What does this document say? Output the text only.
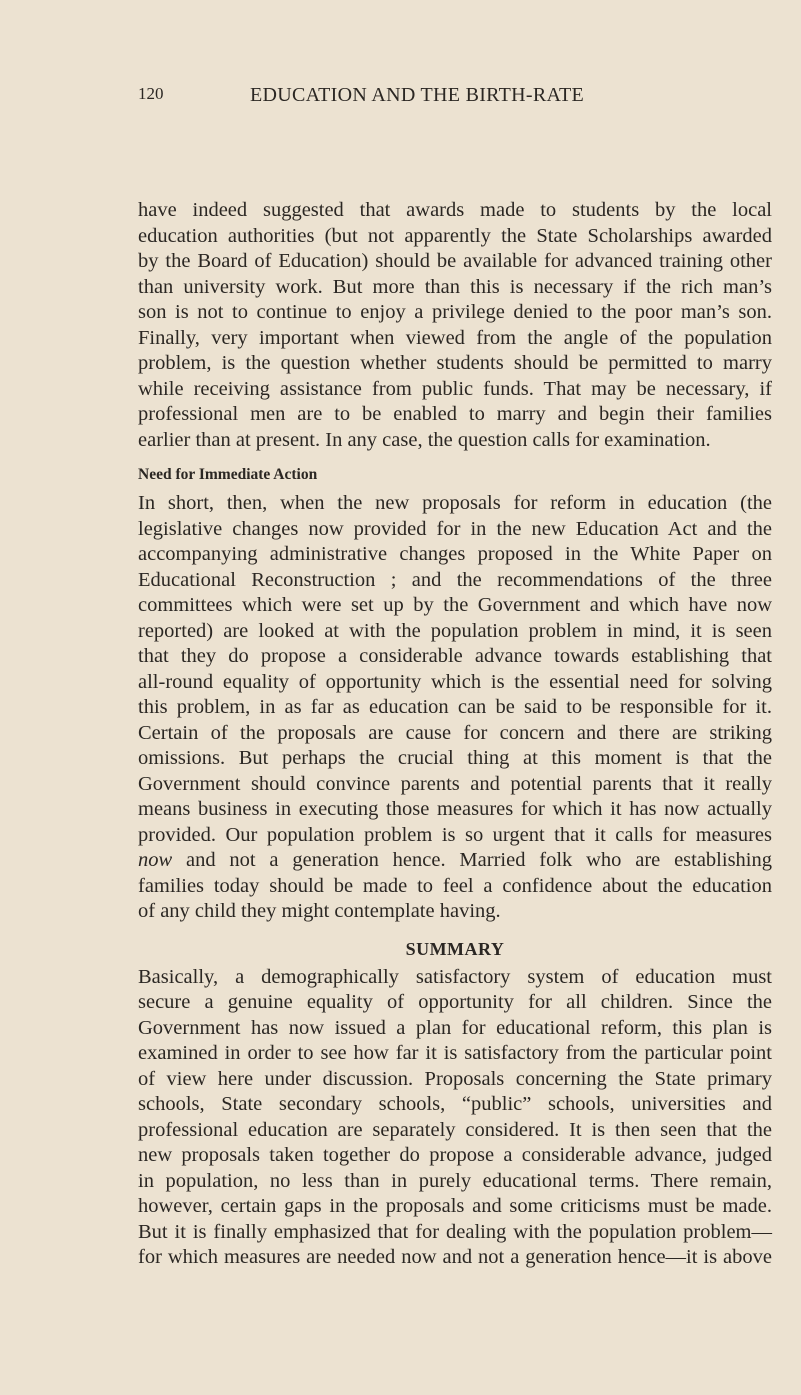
120	EDUCATION AND THE BIRTH-RATE
have indeed suggested that awards made to students by the local
education authorities (but not apparently the State Scholarships awarded
by the Board of Education) should be available for advanced training other
than university work. But more than this is necessary if the rich man’s
son is not to continue to enjoy a privilege denied to the poor man’s son.
Finally, very important when viewed from the angle of the population
problem, is the question whether students should be permitted to marry
while receiving assistance from public funds. That may be necessary, if
professional men are to be enabled to marry and begin their families
earlier than at present. In any case, the question calls for examination.
Need for Immediate Action
In short, then, when the new proposals for reform in education (the
legislative changes now provided for in the new Education Act and the
accompanying administrative changes proposed in the White Paper on
Educational Reconstruction ; and the recommendations of the three
committees which were set up by the Government and which have now
reported) are looked at with the population problem in mind, it is seen
that they do propose a considerable advance towards establishing that
all-round equality of opportunity which is the essential need for solving
this problem, in as far as education can be said to be responsible for it.
Certain of the proposals are cause for concern and there are striking
omissions. But perhaps the crucial thing at this moment is that the
Government should convince parents and potential parents that it really
means business in executing those measures for which it has now actually
provided. Our population problem is so urgent that it calls for measures
now and not a generation hence. Married folk who are establishing
families today should be made to feel a confidence about the education
of any child they might contemplate having.
SUMMARY
Basically, a demographically satisfactory system of education must
secure a genuine equality of opportunity for all children. Since the
Government has now issued a plan for educational reform, this plan is
examined in order to see how far it is satisfactory from the particular point
of view here under discussion. Proposals concerning the State primary
schools, State secondary schools, “public” schools, universities and
professional education are separately considered. It is then seen that the
new proposals taken together do propose a considerable advance, judged
in population, no less than in purely educational terms. There remain,
however, certain gaps in the proposals and some criticisms must be made.
But it is finally emphasized that for dealing with the population problem—
for which measures are needed now and not a generation hence—it is above
